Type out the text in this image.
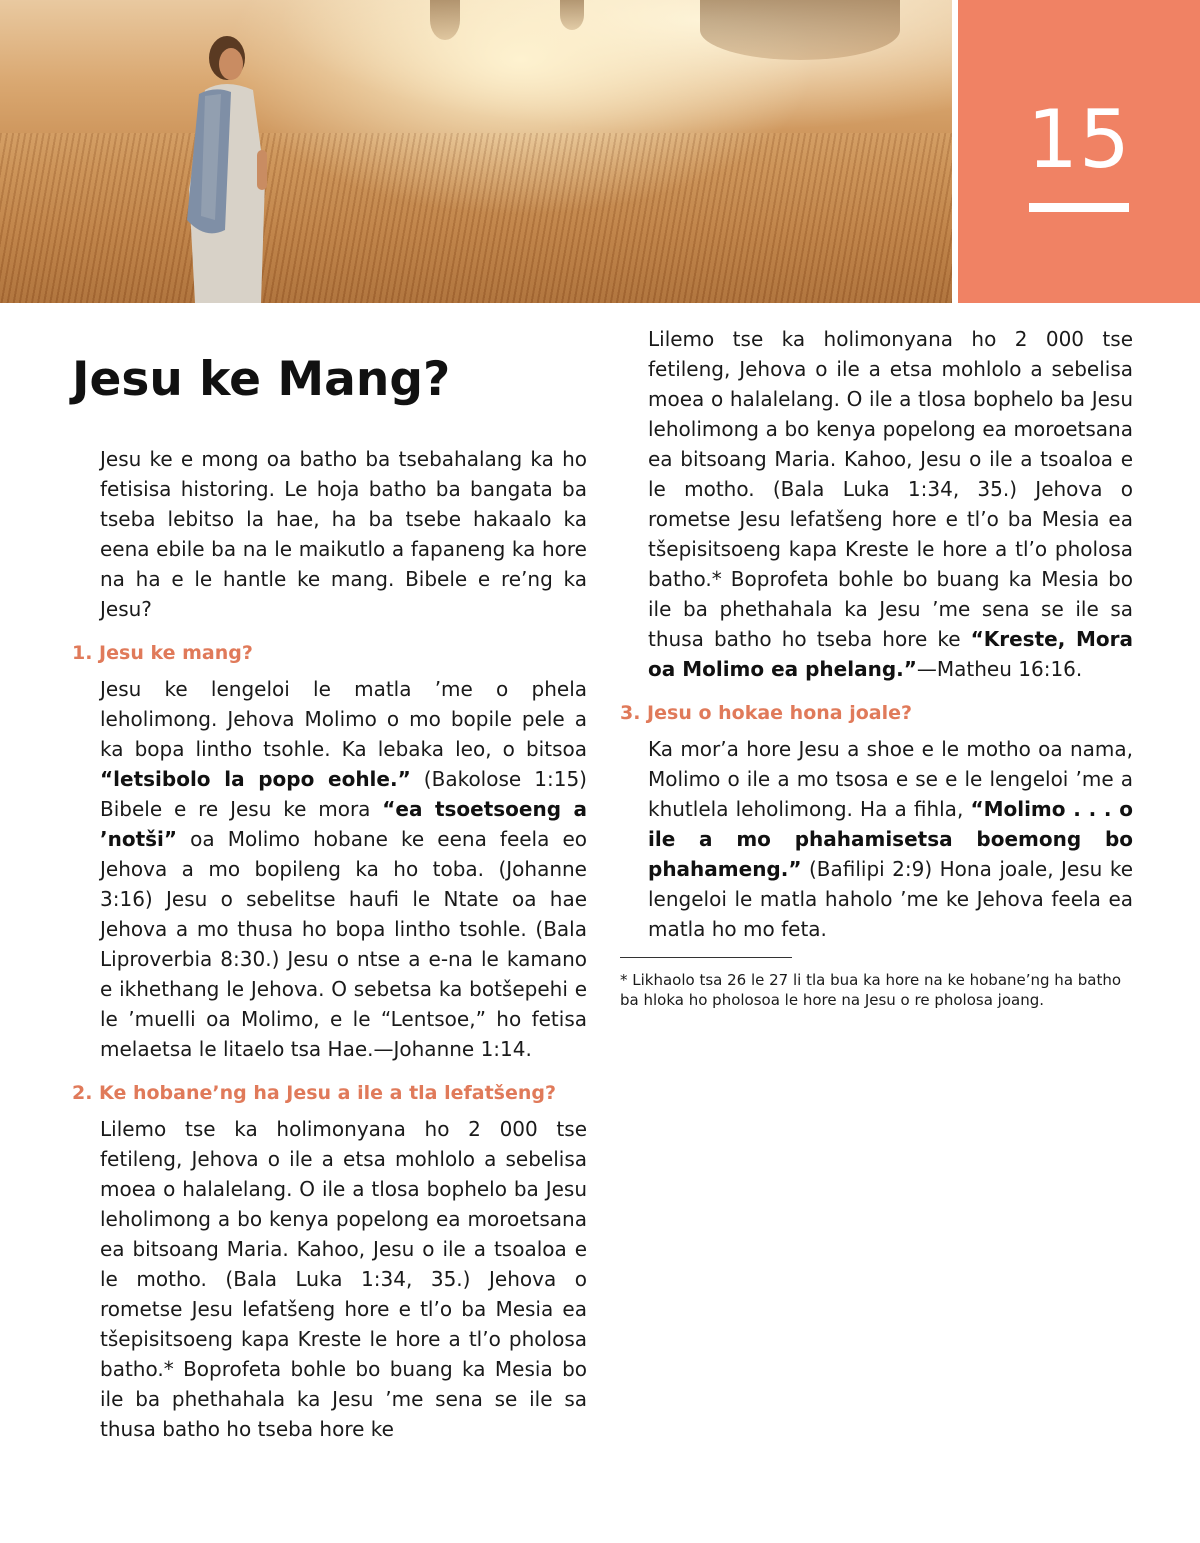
15
Jesu ke Mang?

Jesu ke e mong oa batho ba tsebahalang ka ho fetisisa historing. Le hoja batho ba bangata ba tseba lebitso la hae, ha ba tsebe hakaalo ka eena ebile ba na le maikutlo a fapaneng ka hore na ha e le hantle ke mang. Bibele e re’ng ka Jesu?

1. Jesu ke mang?

Jesu ke lengeloi le matla ’me o phela leholimong. Jehova Molimo o mo bopile pele a ka bopa lintho tsohle. Ka lebaka leo, o bitsoa “letsibolo la popo eohle.” (Bakolose 1:15) Bibele e re Jesu ke mora “ea tsoetsoeng a ’notši” oa Molimo hobane ke eena feela eo Jehova a mo bopileng ka ho toba. (Johanne 3:16) Jesu o sebelitse haufi le Ntate oa hae Jehova a mo thusa ho bopa lintho tsohle. (Bala Liproverbia 8:30.) Jesu o ntse a e-na le kamano e ikhethang le Jehova. O sebetsa ka botšepehi e le ’muelli oa Molimo, e le “Lentsoe,” ho fetisa melaetsa le litaelo tsa Hae.—Johanne 1:14.

2. Ke hobane’ng ha Jesu a ile a tla lefatšeng?

Lilemo tse ka holimonyana ho 2 000 tse fetileng, Jehova o ile a etsa mohlolo a sebelisa moea o halalelang. O ile a tlosa bophelo ba Jesu leholimong a bo kenya popelong ea moroetsana ea bitsoang Maria. Kahoo, Jesu o ile a tsoaloa e le motho. (Bala Luka 1:34, 35.) Jehova o rometse Jesu lefatšeng hore e tl’o ba Mesia ea tšepisitsoeng kapa Kreste le hore a tl’o pholosa batho.* Boprofeta bohle bo buang ka Mesia bo ile ba phethahala ka Jesu ’me sena se ile sa thusa batho ho tseba hore ke

Lilemo tse ka holimonyana ho 2 000 tse fetileng, Jehova o ile a etsa mohlolo a sebelisa moea o halalelang. O ile a tlosa bophelo ba Jesu leholimong a bo kenya popelong ea moroetsana ea bitsoang Maria. Kahoo, Jesu o ile a tsoaloa e le motho. (Bala Luka 1:34, 35.) Jehova o rometse Jesu lefatšeng hore e tl’o ba Mesia ea tšepisitsoeng kapa Kreste le hore a tl’o pholosa batho.* Boprofeta bohle bo buang ka Mesia bo ile ba phethahala ka Jesu ’me sena se ile sa thusa batho ho tseba hore ke “Kreste, Mora oa Molimo ea phelang.”—Matheu 16:16.

3. Jesu o hokae hona joale?

Ka mor’a hore Jesu a shoe e le motho oa nama, Molimo o ile a mo tsosa e se e le lengeloi ’me a khutlela leholimong. Ha a fihla, “Molimo . . . o ile a mo phahamisetsa boemong bo phahameng.” (Bafilipi 2:9) Hona joale, Jesu ke lengeloi le matla haholo ’me ke Jehova feela ea matla ho mo feta.

* Likhaolo tsa 26 le 27 li tla bua ka hore na ke hobane’ng ha batho ba hloka ho pholosoa le hore na Jesu o re pholosa joang.
